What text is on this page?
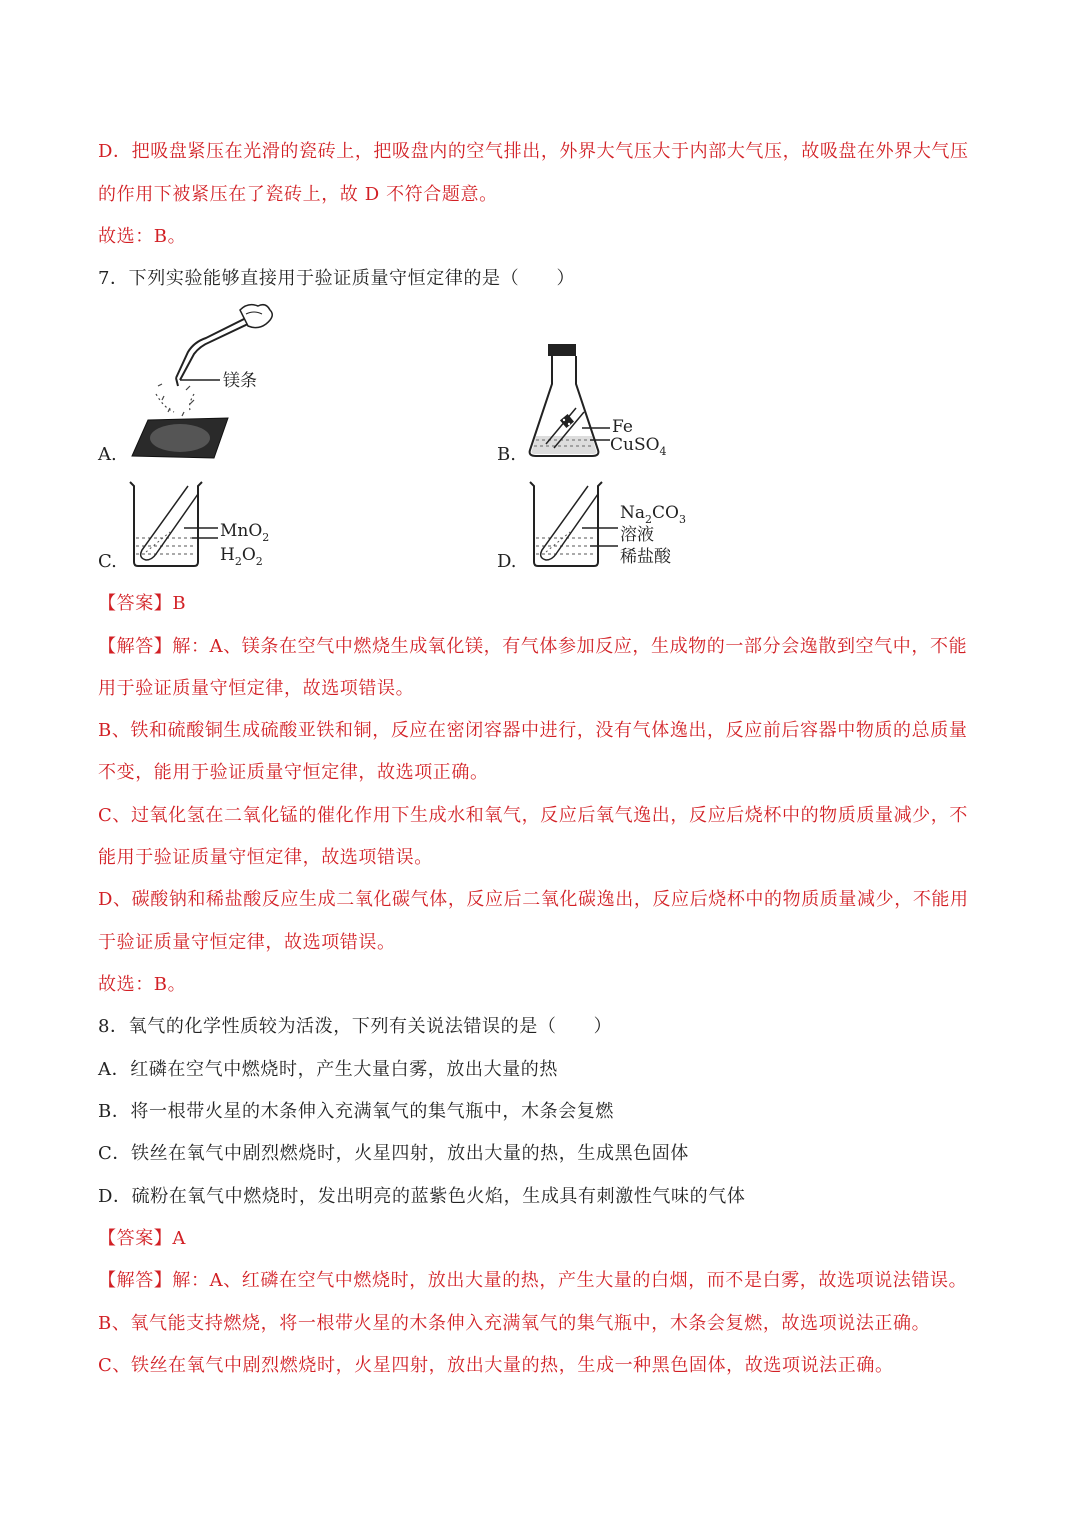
D．把吸盘紧压在光滑的瓷砖上，把吸盘内的空气排出，外界大气压大于内部大气压，故吸盘在外界大气压
的作用下被紧压在了瓷砖上，故 D 不符合题意。
故选：B。
7．下列实验能够直接用于验证质量守恒定律的是（　　）
A.
镁条
B.
Fe
CuSO$_4$
C.
MnO$_2$
$H_2O_2$	D.
$Na_2CO_3$
溶液
稀盐酸
【答案】B
【解答】解：A、镁条在空气中燃烧生成氧化镁，有气体参加反应，生成物的一部分会逸散到空气中，不能
用于验证质量守恒定律，故选项错误。
B、铁和硫酸铜生成硫酸亚铁和铜，反应在密闭容器中进行，没有气体逸出，反应前后容器中物质的总质量
不变，能用于验证质量守恒定律，故选项正确。
C、过氧化氢在二氧化锰的催化作用下生成水和氧气，反应后氧气逸出，反应后烧杯中的物质质量减少，不
能用于验证质量守恒定律，故选项错误。
D、碳酸钠和稀盐酸反应生成二氧化碳气体，反应后二氧化碳逸出，反应后烧杯中的物质质量减少，不能用
于验证质量守恒定律，故选项错误。
故选：B。
8．氧气的化学性质较为活泼，下列有关说法错误的是（　　）
A．红磷在空气中燃烧时，产生大量白雾，放出大量的热
B．将一根带火星的木条伸入充满氧气的集气瓶中，木条会复燃
C．铁丝在氧气中剧烈燃烧时，火星四射，放出大量的热，生成黑色固体
D．硫粉在氧气中燃烧时，发出明亮的蓝紫色火焰，生成具有刺激性气味的气体
【答案】A
【解答】解：A、红磷在空气中燃烧时，放出大量的热，产生大量的白烟，而不是白雾，故选项说法错误。
B、氧气能支持燃烧，将一根带火星的木条伸入充满氧气的集气瓶中，木条会复燃，故选项说法正确。
C、铁丝在氧气中剧烈燃烧时，火星四射，放出大量的热，生成一种黑色固体，故选项说法正确。
